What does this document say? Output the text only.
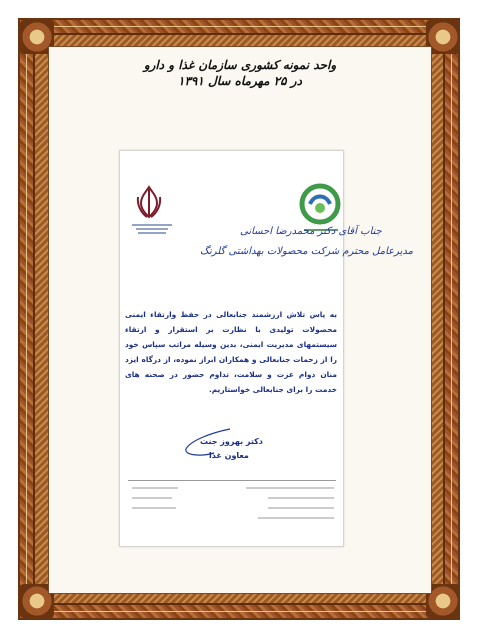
واحد نمونه کشوری سازمان غذا و دارو
در ۲۵ مهرماه سال ۱۳۹۱
جناب آقای دکتر محمدرضا احسانی
مدیرعامل محترم شرکت محصولات بهداشتی گلرنگ
به پاس تلاش ارزشمند جنابعالی در حفظ وارتقاء ایمنی محصولات تولیدی با نظارت بر استقرار و ارتقاء سیستمهای مدیریت ایمنی، بدین وسیله مراتب سپاس خود را از زحمات جنابعالی و همکاران ابراز نموده، از درگاه ایزد منان دوام عزت و سلامت، تداوم حضور در صحنه های خدمت را برای جنابعالی خواستاریم.
دکتر بهروز جنت
معاون غذا
